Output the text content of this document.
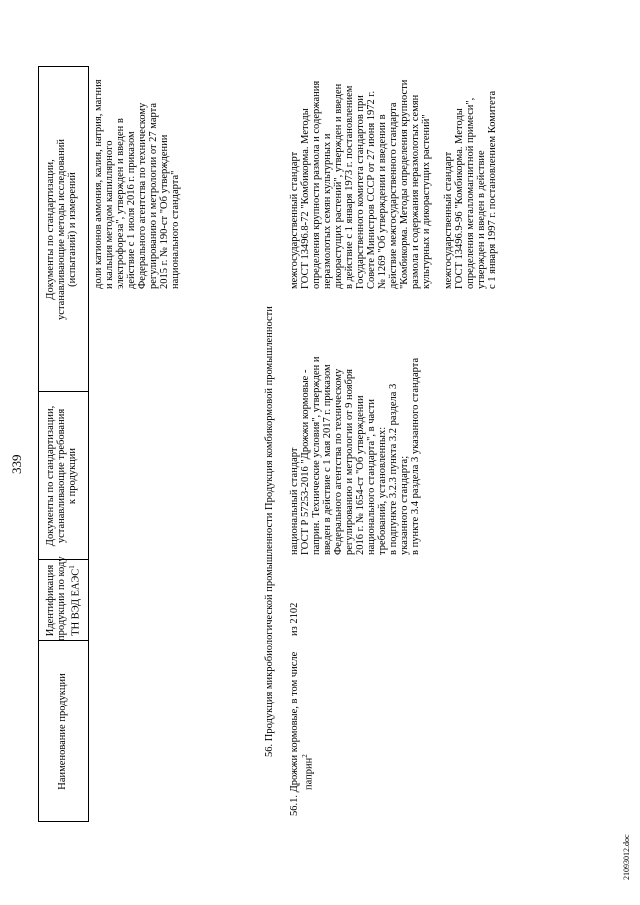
339
Наименование продукции
Идентификация продукции по коду ТН ВЭД ЕАЭС$^1$
Документы по стандартизации, устанавливающие требования к продукции
Документы по стандартизации, устанавливающие методы исследований (испытаний) и измерений доли катионов аммония, калия, натрия, магния и кальция методом капиллярного электрофореза", утвержден и введен в действие с 1 июля 2016 г. приказом Федерального агентства по техническому регулированию и метрологии от 27 марта 2015 г. № 190-ст "Об утверждении национального стандарта"
56. Продукция микробиологической промышленности Продукция комбикормовой промышленности 56.1. Дрожжи кормовые, в том числе паприн$^2$
из 2102
национальный стандарт ГОСТ Р 57253-2016 "Дрожжи кормовые - паприн. Технические условия", утвержден и введен в действие с 1 мая 2017 г. приказом Федерального агентства по техническому регулированию и метрологии от 9 ноября 2016 г. № 1654-ст "Об утверждении национального стандарта", в части требований, установленных: в подпункте 3.2.3 пункта 3.2 раздела 3 указанного стандарта; в пункте 3.4 раздела 3 указанного стандарта
межгосударственный стандарт ГОСТ 13496.8-72 "Комбикорма. Методы определения крупности размола и содержания неразмолотых семян культурных и дикорастущих растений", утвержден и введен в действие с 1 января 1973 г. постановлением Государственного комитета стандартов при Совете Министров СССР от 27 июня 1972 г. № 1269 "Об утверждении и введении в действие межгосударственного стандарта "Комбикорма. Методы определения крупности размола и содержания неразмолотых семян культурных и дикорастущих растений" межгосударственный стандарт ГОСТ 13496.9-96 "Комбикорма. Методы определения металломагнитной примеси", утвержден и введен в действие с 1 января 1997 г. постановлением Комитета
21093012.doc
